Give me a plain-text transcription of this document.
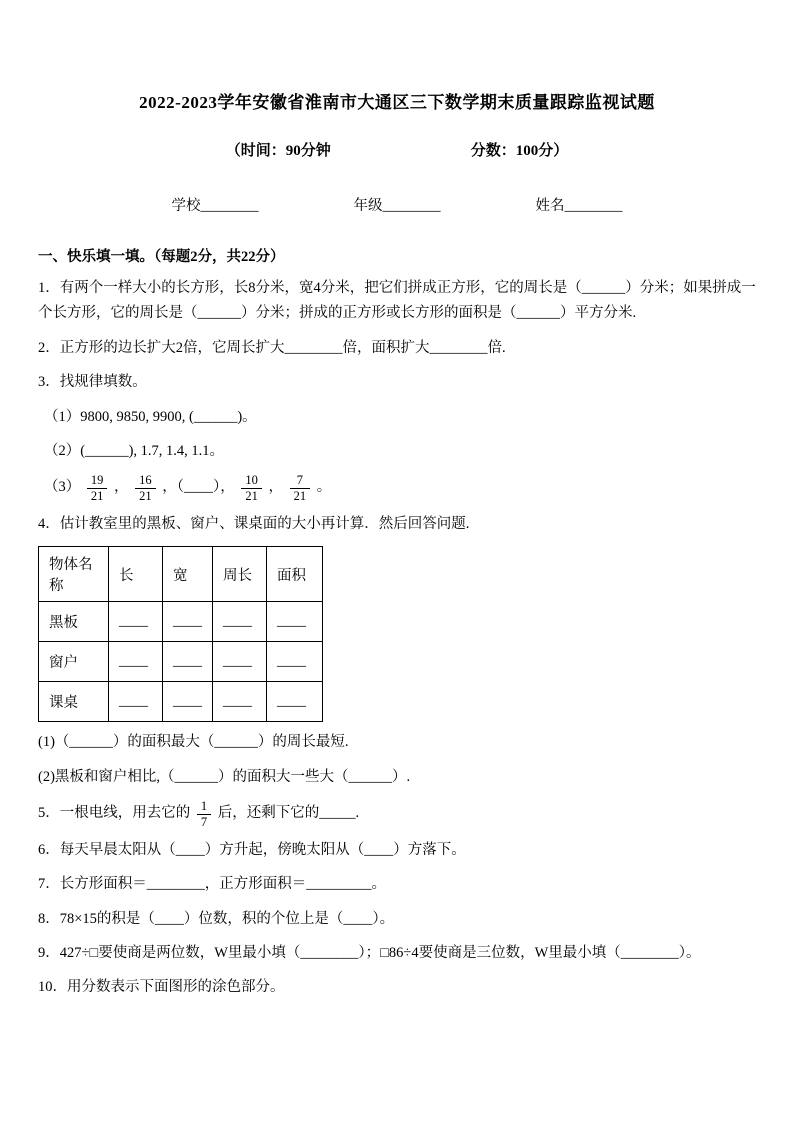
2022-2023学年安徽省淮南市大通区三下数学期末质量跟踪监视试题
（时间：90分钟	分数：100分）
学校________	年级________	姓名________
一、快乐填一填。（每题2分，共22分）
1．有两个一样大小的长方形，长8分米，宽4分米，把它们拼成正方形，它的周长是（______）分米；如果拼成一个长方形，它的周长是（______）分米；拼成的正方形或长方形的面积是（______）平方分米.
2．正方形的边长扩大2倍，它周长扩大________倍，面积扩大________倍.
3．找规律填数。
（1）9800, 9850, 9900, (______)。
（2）(______), 1.7, 1.4, 1.1。
$(3) \frac{19}{21}$ ， $\frac{16}{21}$ ，（____）， $\frac{10}{21}$ ， $\frac{7}{21}$ 。
4．估计教室里的黑板、窗户、课桌面的大小再计算．然后回答问题.
物体名称	长	宽	周长	面积
黑板	____	____	____	____
窗户	____	____	____	____
课桌	____	____	____	____
(1)（______）的面积最大（______）的周长最短.
(2)黑板和窗户相比,（______）的面积大一些大（______）.
5．一根电线，用去它的 $\frac{1}{7}$ 后，还剩下它的_____.
6．每天早晨太阳从（____）方升起，傍晚太阳从（____）方落下。
7．长方形面积＝________，正方形面积＝_________。
8．78×15的积是（____）位数，积的个位上是（____）。
9．427÷□要使商是两位数，W里最小填（________）；□86÷4要使商是三位数，W里最小填（________）。
10．用分数表示下面图形的涂色部分。
